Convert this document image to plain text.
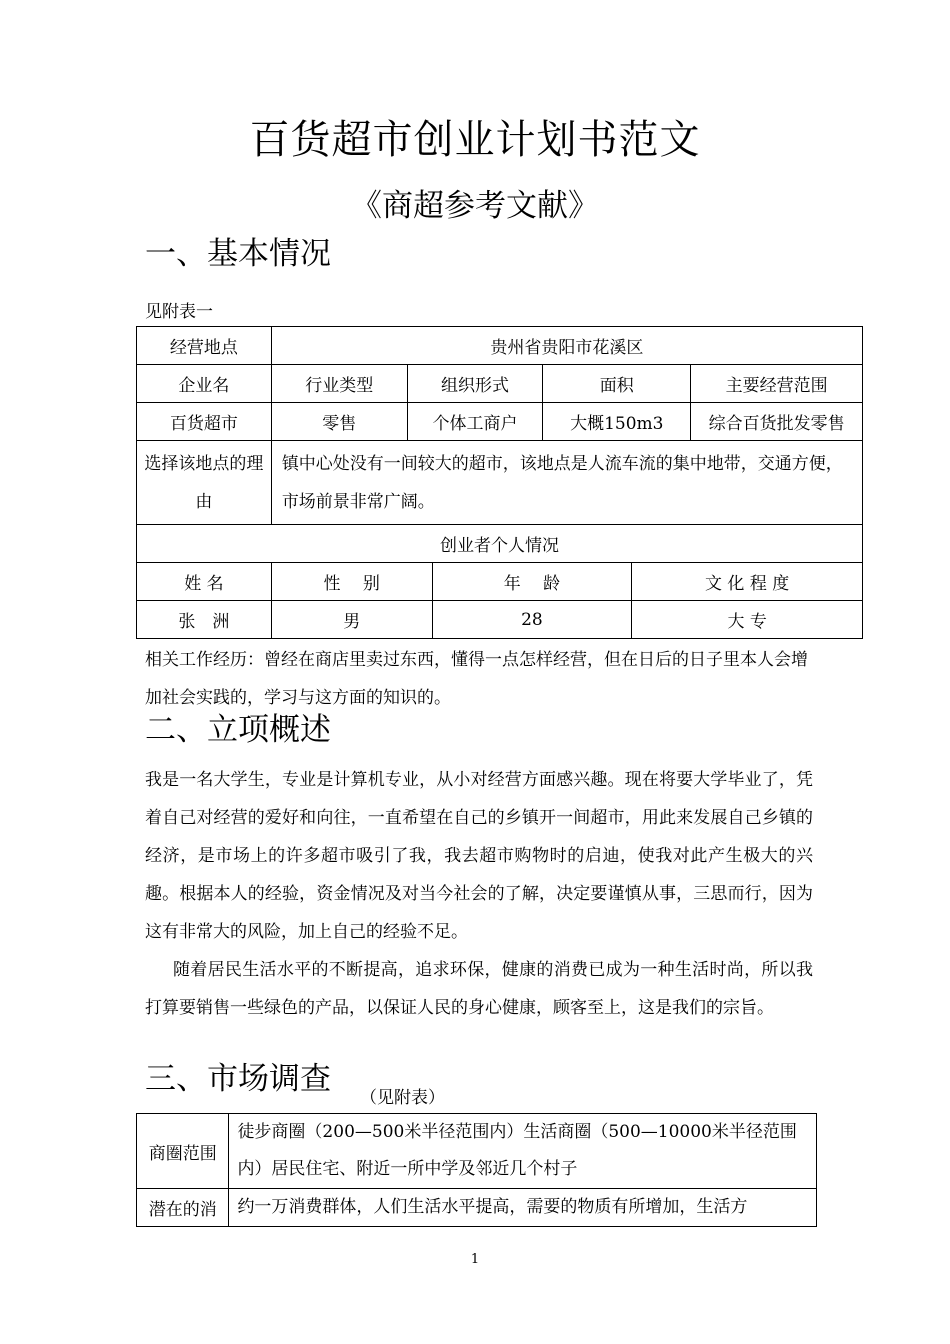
百货超市创业计划书范文
《商超参考文献》
一、基本情况
见附表一
经营地点	贵州省贵阳市花溪区					
企业名	行业类型	组织形式		面积		主要经营范围
百货超市	零售	个体工商户		大概150m3		综合百货批发零售
选择该地点的理由	镇中心处没有一间较大的超市，该地点是人流车流的集中地带，交通方便，市场前景非常广阔。					
创业者个人情况						
姓 名	性　 别		年　 龄		文 化 程 度	
张　洲	男		28		大 专	
相关工作经历：曾经在商店里卖过东西，懂得一点怎样经营，但在日后的日子里本人会增加社会实践的，学习与这方面的知识的。
二、立项概述
我是一名大学生，专业是计算机专业，从小对经营方面感兴趣。现在将要大学毕业了，凭着自己对经营的爱好和向往，一直希望在自己的乡镇开一间超市，用此来发展自己乡镇的经济，是市场上的许多超市吸引了我，我去超市购物时的启迪，使我对此产生极大的兴趣。根据本人的经验，资金情况及对当今社会的了解，决定要谨慎从事，三思而行，因为这有非常大的风险，加上自己的经验不足。
随着居民生活水平的不断提高，追求环保，健康的消费已成为一种生活时尚，所以我打算要销售一些绿色的产品，以保证人民的身心健康，顾客至上，这是我们的宗旨。
三、市场调查
（见附表）
商圈范围	徒步商圈（200—500米半径范围内）生活商圈（500—10000米半径范围内）居民住宅、附近一所中学及邻近几个村子
潜在的消	约一万消费群体，人们生活水平提高，需要的物质有所增加，生活方
1
